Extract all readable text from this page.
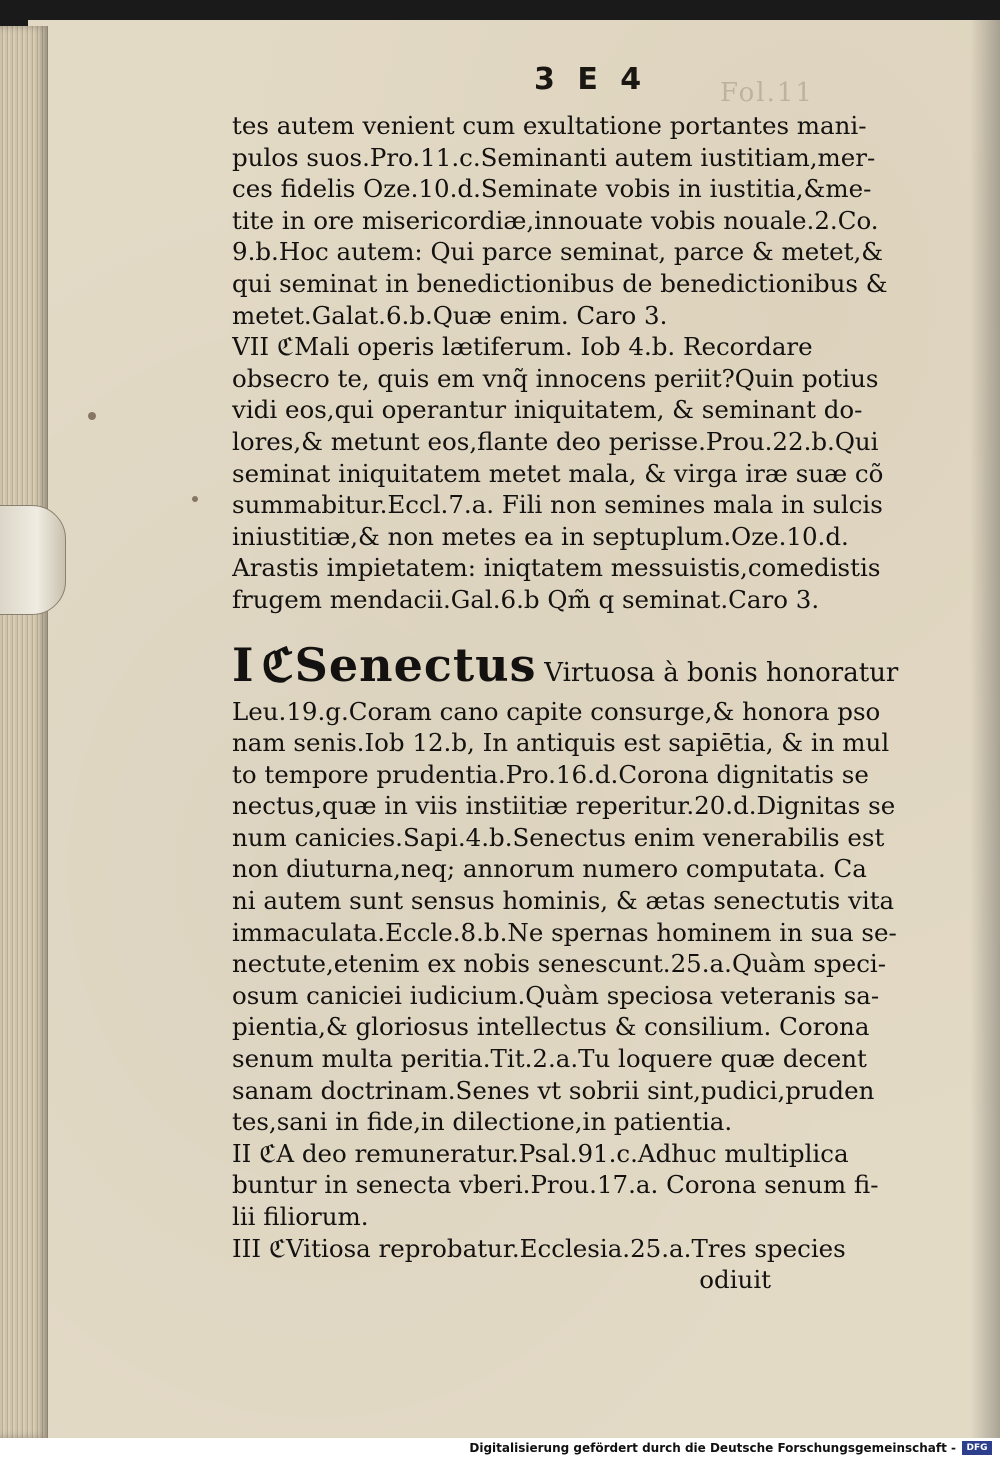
3 E 4	Fol.11
tes autem venient cum exultatione portantes mani-
pulos suos.Pro.11.c.Seminanti autem iustitiam,mer-
ces fidelis Oze.10.d.Seminate vobis in iustitia,&me-
tite in ore misericordiæ,innouate vobis nouale.2.Co.
9.b.Hoc autem: Qui parce seminat, parce & metet,&
qui seminat in benedictionibus de benedictionibus &
metet.Galat.6.b.Quæ enim. Caro 3.
VII ℭMali operis lætiferum. Iob 4.b. Recordare
obsecro te, quis em vnq̃ innocens periit?Quin potius
vidi eos,qui operantur iniquitatem, & seminant do-
lores,& metunt eos,flante deo perisse.Prou.22.b.Qui
seminat iniquitatem metet mala, & virga iræ suæ cõ
summabitur.Eccl.7.a. Fili non semines mala in sulcis
iniustitiæ,& non metes ea in septuplum.Oze.10.d.
Arastis impietatem: iniqtatem messuistis,comedistis
frugem mendacii.Gal.6.b Qm̃ q seminat.Caro 3.
I ℭSenectus Virtuosa à bonis honoratur
Leu.19.g.Coram cano capite consurge,& honora pso
nam senis.Iob 12.b, In antiquis est sapiētia, & in mul
to tempore prudentia.Pro.16.d.Corona dignitatis se
nectus,quæ in viis instiitiæ reperitur.20.d.Dignitas se
num canicies.Sapi.4.b.Senectus enim venerabilis est
non diuturna,neq; annorum numero computata. Ca
ni autem sunt sensus hominis, & ætas senectutis vita
immaculata.Eccle.8.b.Ne spernas hominem in sua se-
nectute,etenim ex nobis senescunt.25.a.Quàm speci-
osum caniciei iudicium.Quàm speciosa veteranis sa-
pientia,& gloriosus intellectus & consilium. Corona
senum multa peritia.Tit.2.a.Tu loquere quæ decent
sanam doctrinam.Senes vt sobrii sint,pudici,pruden
tes,sani in fide,in dilectione,in patientia.
II ℭA deo remuneratur.Psal.91.c.Adhuc multiplica
buntur in senecta vberi.Prou.17.a. Corona senum fi-
lii filiorum.
III ℭVitiosa reprobatur.Ecclesia.25.a.Tres species
odiuit
Digitalisierung gefördert durch die Deutsche Forschungsgemeinschaft -	DFG
